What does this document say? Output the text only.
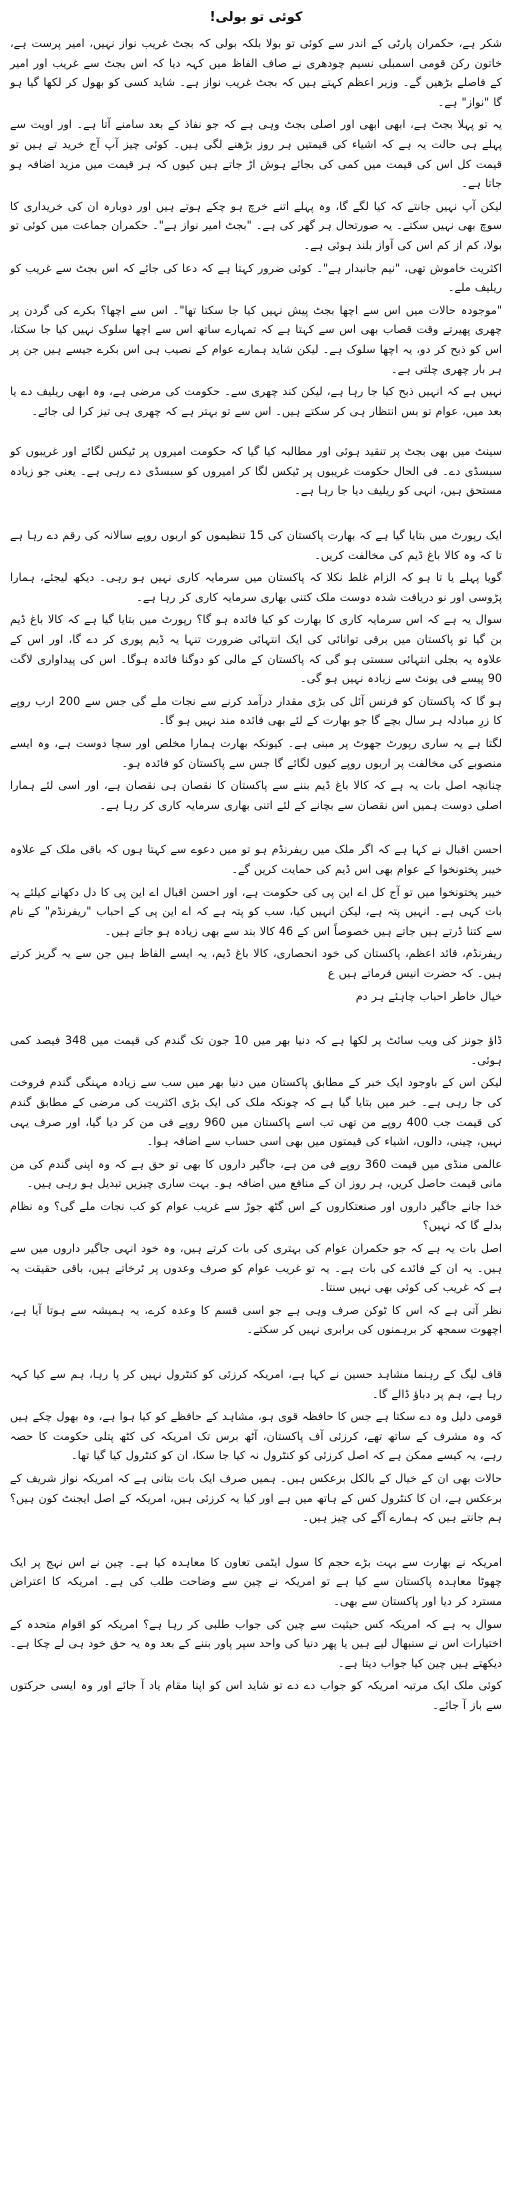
کوئی تو بولی!

شکر ہے، حکمران پارٹی کے اندر سے کوئی تو بولا بلکہ بولی کہ بجٹ غریب نواز نہیں، امیر پرست ہے، خاتون رکن قومی اسمبلی نسیم چودھری نے صاف الفاظ میں کہہ دیا کہ اس بجٹ سے غریب اور امیر کے فاصلے بڑھیں گے۔ وزیر اعظم کہتے ہیں کہ بجٹ غریب نواز ہے۔ شاید کسی کو بھول کر لکھا گیا ہو گا "نواز" ہے۔

یہ تو پہلا بجٹ ہے، ابھی ابھی اور اصلی بجٹ وہی ہے کہ جو نفاذ کے بعد سامنے آتا ہے۔ اور اویت سے پہلے ہی حالت یہ ہے کہ اشیاء کی قیمتیں ہر روز بڑھنے لگی ہیں۔ کوئی چیز آپ آج خرید تے ہیں تو قیمت کل اس کی قیمت میں کمی کی بجائے ہوش اڑ جاتے ہیں کیوں کہ ہر قیمت میں مزید اضافہ ہو جاتا ہے۔

لیکن آپ نہیں جانتے کہ کیا لگے گا، وہ پہلے اتنے خرچ ہو چکے ہوتے ہیں اور دوبارہ ان کی خریداری کا سوچ بھی نہیں سکتے۔ یہ صورتحال ہر گھر کی ہے۔ "بجٹ امیر نواز ہے"۔ حکمران جماعت میں کوئی تو بولا، کم از کم اس کی آواز بلند ہوئی ہے۔

اکثریت خاموش تھی، "نیم جانبدار ہے"۔ کوئی ضرور کہتا ہے کہ دعا کی جائے کہ اس بجٹ سے غریب کو ریلیف ملے۔

"موجودہ حالات میں اس سے اچھا بجٹ پیش نہیں کیا جا سکتا تھا"۔ اس سے اچھا؟ بکرے کی گردن پر چھری پھیرتے وقت قصاب بھی اس سے کہتا ہے کہ تمہارے ساتھ اس سے اچھا سلوک نہیں کیا جا سکتا، اس کو ذبح کر دو، یہ اچھا سلوک ہے۔ لیکن شاید ہمارے عوام کے نصیب ہی اس بکرے جیسے ہیں جن پر ہر بار چھری چلتی ہے۔

نہیں ہے کہ انہیں ذبح کیا جا رہا ہے، لیکن کند چھری سے۔ حکومت کی مرضی ہے، وہ ابھی ریلیف دے یا بعد میں، عوام تو بس انتظار ہی کر سکتے ہیں۔ اس سے تو بہتر ہے کہ چھری ہی تیز کرا لی جائے۔

سینٹ میں بھی بجٹ پر تنقید ہوئی اور مطالبہ کیا گیا کہ حکومت امیروں پر ٹیکس لگائے اور غریبوں کو سبسڈی دے۔ فی الحال حکومت غریبوں پر ٹیکس لگا کر امیروں کو سبسڈی دے رہی ہے۔ یعنی جو زیادہ مستحق ہیں، انہی کو ریلیف دیا جا رہا ہے۔

ایک رپورٹ میں بتایا گیا ہے کہ بھارت پاکستان کی 15 تنظیموں کو اربوں روپے سالانہ کی رقم دے رہا ہے تا کہ وہ کالا باغ ڈیم کی مخالفت کریں۔

گویا پہلے یا تا ہو کہ الزام غلط نکلا کہ پاکستان میں سرمایہ کاری نہیں ہو رہی۔ دیکھ لیجئے، ہمارا پڑوسی اور نو دریافت شدہ دوست ملک کتنی بھاری سرمایہ کاری کر رہا ہے۔

سوال یہ ہے کہ اس سرمایہ کاری کا بھارت کو کیا فائدہ ہو گا؟ رپورٹ میں بتایا گیا ہے کہ کالا باغ ڈیم بن گیا تو پاکستان میں برقی توانائی کی ایک انتہائی ضرورت تنہا یہ ڈیم پوری کر دے گا، اور اس کے علاوہ یہ بجلی انتہائی سستی ہو گی کہ پاکستان کے مالی کو دوگنا فائدہ ہوگا۔ اس کی پیداواری لاگت 90 پیسے فی یونٹ سے زیادہ نہیں ہو گی۔

ہو گا کہ پاکستان کو فرنس آئل کی بڑی مقدار درآمد کرنے سے نجات ملے گی جس سے 200 ارب روپے کا زرِ مبادلہ ہر سال بچے گا جو بھارت کے لئے بھی فائدہ مند نہیں ہو گا۔

لگتا ہے یہ ساری رپورٹ جھوٹ پر مبنی ہے۔ کیونکہ بھارت ہمارا مخلص اور سچا دوست ہے، وہ ایسے منصوبے کی مخالفت پر اربوں روپے کیوں لگائے گا جس سے پاکستان کو فائدہ ہو۔

چنانچہ اصل بات یہ ہے کہ کالا باغ ڈیم بننے سے پاکستان کا نقصان ہی نقصان ہے، اور اسی لئے ہمارا اصلی دوست ہمیں اس نقصان سے بچانے کے لئے اتنی بھاری سرمایہ کاری کر رہا ہے۔

احسن اقبال نے کہا ہے کہ اگر ملک میں ریفرنڈم ہو تو میں دعوے سے کہتا ہوں کہ باقی ملک کے علاوہ خیبر پختونخوا کے عوام بھی اس ڈیم کی حمایت کریں گے۔

خیبر پختونخوا میں تو آج کل اے این پی کی حکومت ہے، اور احسن اقبال اے این پی کا دل دکھانے کیلئے یہ بات کہی ہے۔ انہیں پتہ ہے، لیکن انہیں کیا، سب کو پتہ ہے کہ اے این پی کے احباب "ریفرنڈم" کے نام سے کتنا ڈرتے ہیں جاتے ہیں خصوصاً اس کے 46 کالا بند سے بھی زیادہ ہو جاتے ہیں۔

ریفرنڈم، قائد اعظم، پاکستان کی خود انحصاری، کالا باغ ڈیم، یہ ایسے الفاظ ہیں جن سے یہ گریز کرتے ہیں۔ کہ حضرت انیس فرماتے ہیں ع

خیال خاطر احباب چاہئے ہر دم

ڈاؤ جونز کی ویب سائٹ پر لکھا ہے کہ دنیا بھر میں 10 جون تک گندم کی قیمت میں 348 فیصد کمی ہوئی۔

لیکن اس کے باوجود ایک خبر کے مطابق پاکستان میں دنیا بھر میں سب سے زیادہ مہنگی گندم فروخت کی جا رہی ہے۔ خبر میں بتایا گیا ہے کہ چونکہ ملک کی ایک بڑی اکثریت کی مرضی کے مطابق گندم کی قیمت جب 400 روپے من تھی تب اسے پاکستان میں 960 روپے فی من کر دیا گیا، اور صرف یہی نہیں، چینی، دالوں، اشیاء کی قیمتوں میں بھی اسی حساب سے اضافہ ہوا۔

عالمی منڈی میں قیمت 360 روپے فی من ہے، جاگیر داروں کا بھی تو حق ہے کہ وہ اپنی گندم کی من مانی قیمت حاصل کریں، ہر روز ان کے منافع میں اضافہ ہو۔ بہت ساری چیزیں تبدیل ہو رہی ہیں۔

خدا جانے جاگیر داروں اور صنعتکاروں کے اس گٹھ جوڑ سے غریب عوام کو کب نجات ملے گی؟ وہ نظام بدلے گا کہ نہیں؟

اصل بات یہ ہے کہ جو حکمران عوام کی بہتری کی بات کرتے ہیں، وہ خود انہی جاگیر داروں میں سے ہیں۔ یہ ان کے فائدے کی بات ہے۔ یہ تو غریب عوام کو صرف وعدوں پر ٹرخاتے ہیں، باقی حقیقت یہ ہے کہ غریب کی کوئی بھی نہیں سنتا۔

نظر آتی ہے کہ اس کا ٹوکن صرف وہی ہے جو اسی قسم کا وعدہ کرے، یہ ہمیشہ سے ہوتا آیا ہے، اچھوت سمجھ کر برہمنوں کی برابری نہیں کر سکتے۔

قاف لیگ کے رہنما مشاہد حسین نے کہا ہے، امریکہ کرزئی کو کنٹرول نہیں کر پا رہا، ہم سے کیا کہہ رہا ہے، ہم پر دباؤ ڈالے گا۔

قومی دلیل وہ دے سکتا ہے جس کا حافظہ قوی ہو، مشاہد کے حافظے کو کیا ہوا ہے، وہ بھول چکے ہیں کہ وہ مشرف کے ساتھ تھے، کرزئی آف پاکستان، آٹھ برس تک امریکہ کی کٹھ پتلی حکومت کا حصہ رہے، یہ کیسے ممکن ہے کہ اصل کرزئی کو کنٹرول نہ کیا جا سکا، ان کو کنٹرول کیا گیا تھا۔

حالات بھی ان کے خیال کے بالکل برعکس ہیں۔ ہمیں صرف ایک بات بتانی ہے کہ امریکہ نواز شریف کے برعکس ہے، ان کا کنٹرول کس کے ہاتھ میں ہے اور کیا یہ کرزئی ہیں، امریکہ کے اصل ایجنٹ کون ہیں؟ ہم جانتے ہیں کہ ہمارے آگے کی چیز ہیں۔

امریکہ نے بھارت سے بہت بڑے حجم کا سول ایٹمی تعاون کا معاہدہ کیا ہے۔ چین نے اس نہج پر ایک چھوٹا معاہدہ پاکستان سے کیا ہے تو امریکہ نے چین سے وضاحت طلب کی ہے۔ امریکہ کا اعتراض مسترد کر دیا اور پاکستان سے بھی۔

سوال یہ ہے کہ امریکہ کس حیثیت سے چین کی جواب طلبی کر رہا ہے؟ امریکہ کو اقوام متحدہ کے اختیارات اس نے سنبھال لیے ہیں یا پھر دنیا کی واحد سپر پاور بننے کے بعد وہ یہ حق خود ہی لے چکا ہے۔ دیکھتے ہیں چین کیا جواب دیتا ہے۔

کوئی ملک ایک مرتبہ امریکہ کو جواب دے دے تو شاید اس کو اپنا مقام یاد آ جائے اور وہ ایسی حرکتوں سے باز آ جائے۔
